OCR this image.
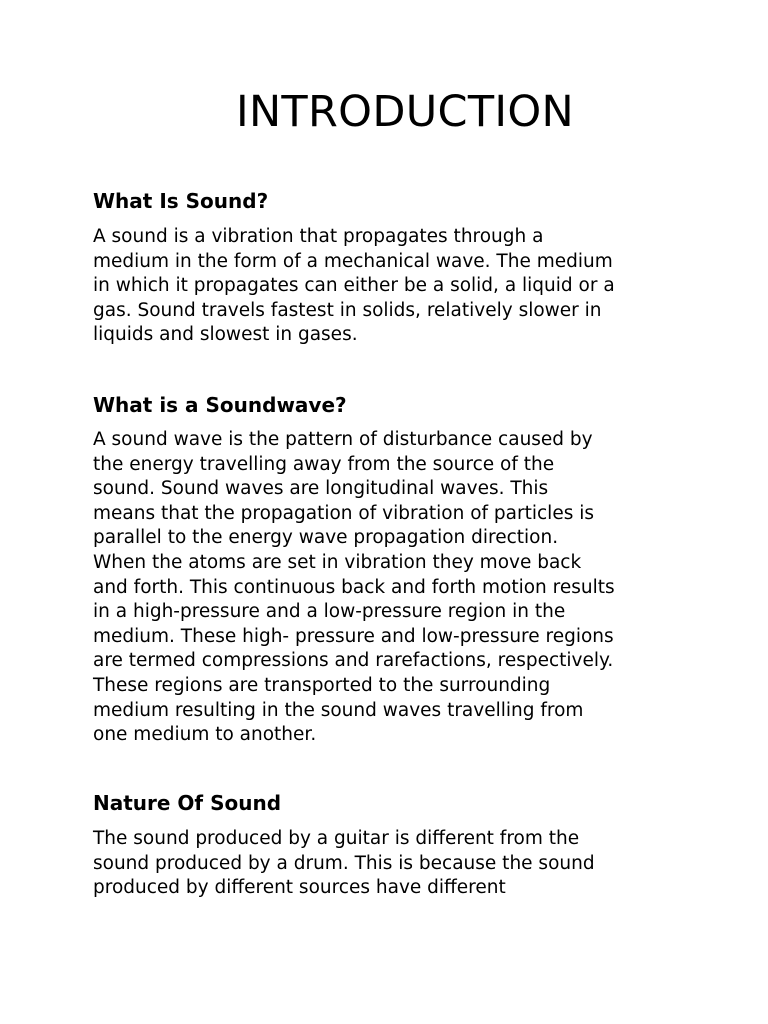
INTRODUCTION
What Is Sound?

A sound is a vibration that propagates through a
medium in the form of a mechanical wave. The medium
in which it propagates can either be a solid, a liquid or a
gas. Sound travels fastest in solids, relatively slower in
liquids and slowest in gases.

What is a Soundwave?

A sound wave is the pattern of disturbance caused by
the energy travelling away from the source of the
sound. Sound waves are longitudinal waves. This
means that the propagation of vibration of particles is
parallel to the energy wave propagation direction.
When the atoms are set in vibration they move back
and forth. This continuous back and forth motion results
in a high-pressure and a low-pressure region in the
medium. These high- pressure and low-pressure regions
are termed compressions and rarefactions, respectively.
These regions are transported to the surrounding
medium resulting in the sound waves travelling from
one medium to another.

Nature Of Sound

The sound produced by a guitar is different from the
sound produced by a drum. This is because the sound
produced by different sources have different
